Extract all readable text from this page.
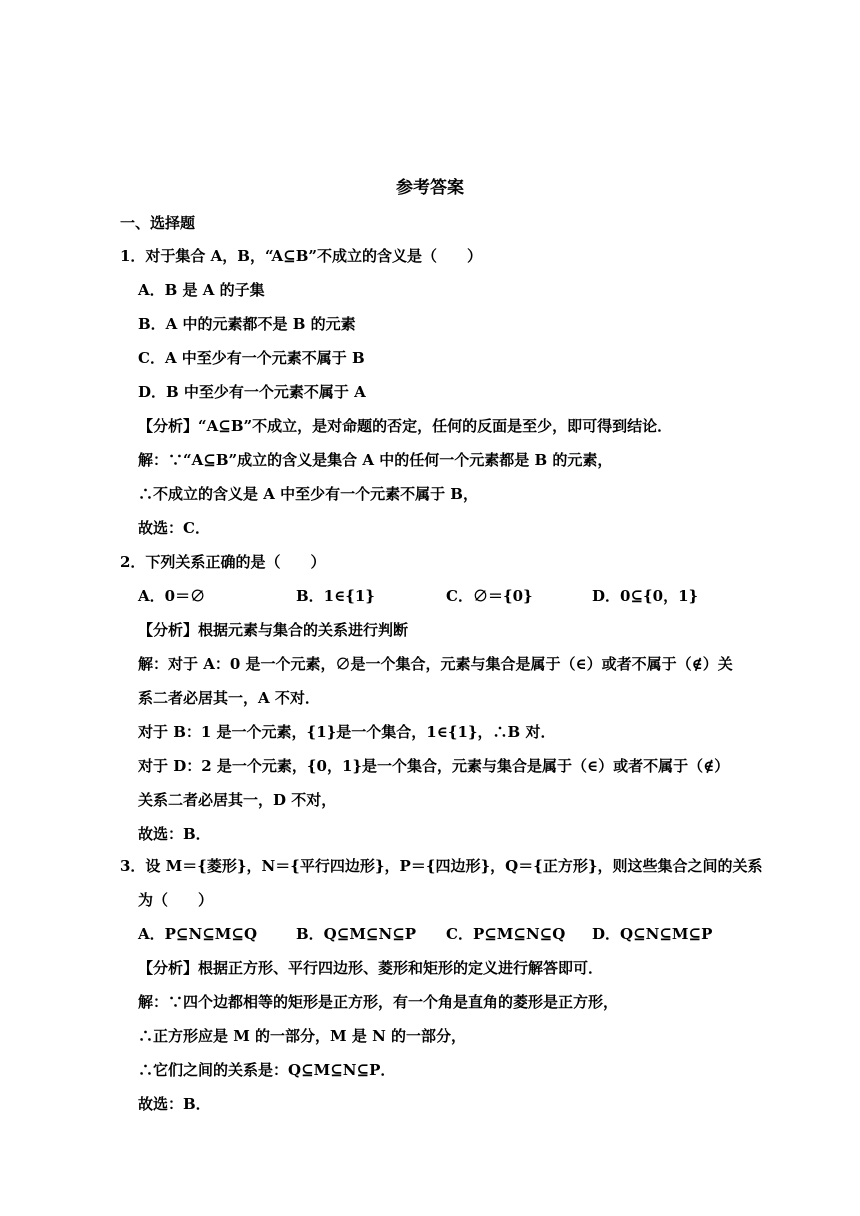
参考答案
一、选择题
1．对于集合 A，B，“A⊆B”不成立的含义是（　　）
A．B 是 A 的子集
B．A 中的元素都不是 B 的元素
C．A 中至少有一个元素不属于 B
D．B 中至少有一个元素不属于 A
【分析】“A⊆B”不成立，是对命题的否定，任何的反面是至少，即可得到结论．
解：∵“A⊆B”成立的含义是集合 A 中的任何一个元素都是 B 的元素，
∴不成立的含义是 A 中至少有一个元素不属于 B，
故选：C．
2．下列关系正确的是（　　）
A．0＝∅	B．1∈{1}	C．∅＝{0}	D．0⊆{0，1}
【分析】根据元素与集合的关系进行判断
解：对于 A：0 是一个元素，∅是一个集合，元素与集合是属于（∈）或者不属于（∉）关
系二者必居其一，A 不对．
对于 B：1 是一个元素，{1}是一个集合，1∈{1}，∴B 对．
对于 D：2 是一个元素，{0，1}是一个集合，元素与集合是属于（∈）或者不属于（∉）
关系二者必居其一，D 不对，
故选：B．
3．设 M＝{菱形}，N＝{平行四边形}，P＝{四边形}，Q＝{正方形}，则这些集合之间的关系
为（　　）
A．P⊆N⊆M⊆Q	B．Q⊆M⊆N⊆P C．P⊆M⊆N⊆Q D．Q⊆N⊆M⊆P
【分析】根据正方形、平行四边形、菱形和矩形的定义进行解答即可．
解：∵四个边都相等的矩形是正方形，有一个角是直角的菱形是正方形，
∴正方形应是 M 的一部分，M 是 N 的一部分，
∴它们之间的关系是：Q⊆M⊆N⊆P．
故选：B．
